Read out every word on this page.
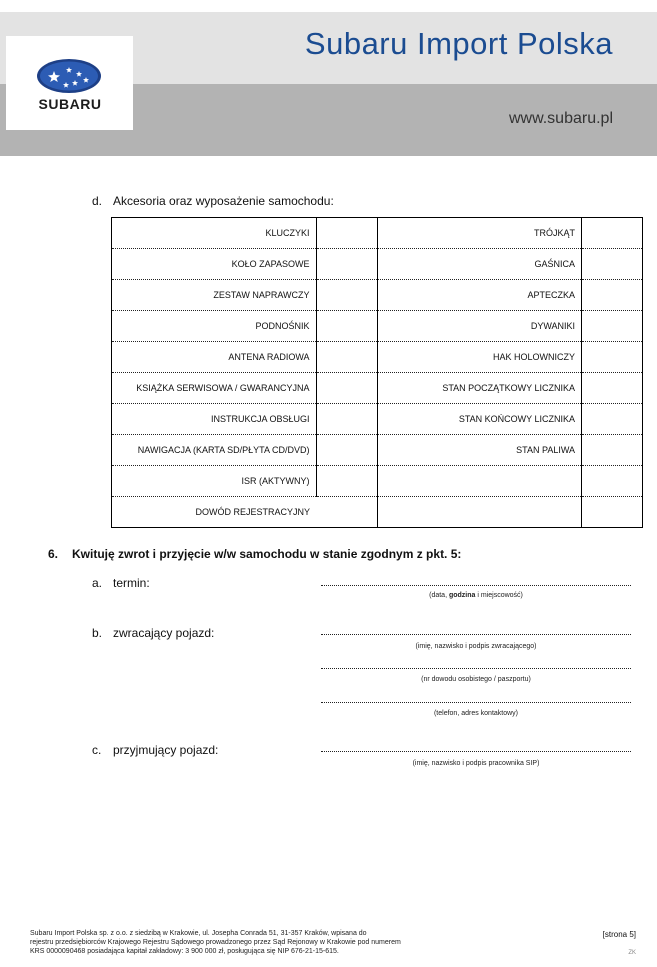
SUBARU
Subaru Import Polska
www.subaru.pl
d. Akcesoria oraz wyposażenie samochodu:
KLUCZYKI		TRÓJKĄT	
KOŁO ZAPASOWE		GAŚNICA	
ZESTAW NAPRAWCZY		APTECZKA	
PODNOŚNIK		DYWANIKI	
ANTENA RADIOWA		HAK HOLOWNICZY	
KSIĄŻKA SERWISOWA / GWARANCYJNA		STAN POCZĄTKOWY LICZNIKA	
INSTRUKCJA OBSŁUGI		STAN KOŃCOWY LICZNIKA	
NAWIGACJA (KARTA SD/PŁYTA CD/DVD)		STAN PALIWA	
ISR (AKTYWNY)			
DOWÓD REJESTRACYJNY			
6. Kwituję zwrot i przyjęcie w/w samochodu w stanie zgodnym z pkt. 5:
a. termin:
(data, godzina i miejscowość)
b. zwracający pojazd:
(imię, nazwisko i podpis zwracającego)
(nr dowodu osobistego / paszportu)
(telefon, adres kontaktowy)
c. przyjmujący pojazd:
(imię, nazwisko i podpis pracownika SIP)
Subaru Import Polska sp. z o.o. z siedzibą w Krakowie, ul. Josepha Conrada 51, 31-357 Kraków, wpisana do
rejestru przedsiębiorców Krajowego Rejestru Sądowego prowadzonego przez Sąd Rejonowy w Krakowie pod numerem
KRS 0000090468 posiadająca kapitał zakładowy: 3 900 000 zł, posługująca się NIP 676-21-15-615.
[strona 5]
ZK
